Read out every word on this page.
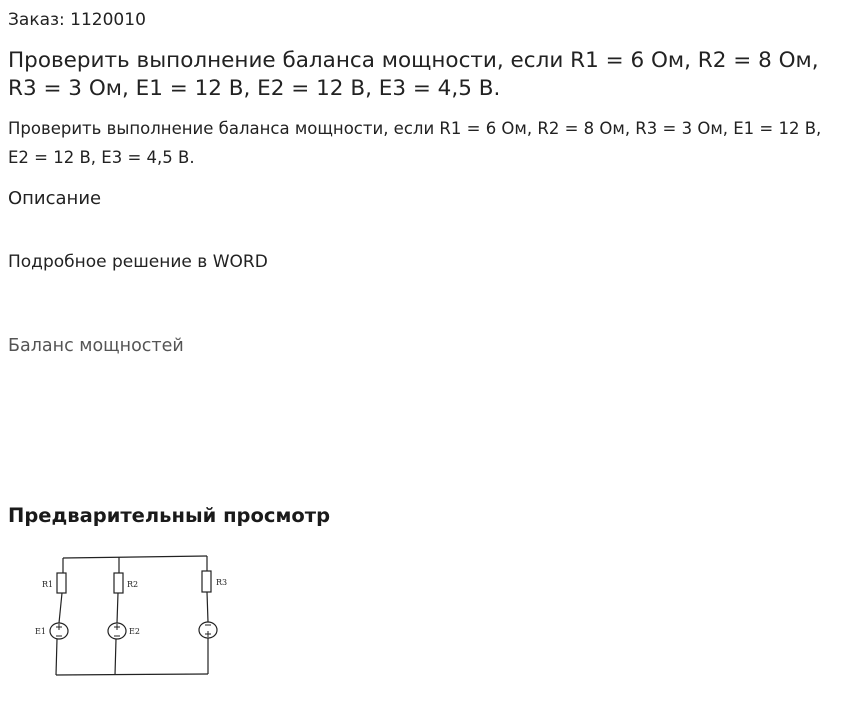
Заказ: 1120010
Проверить выполнение баланса мощности, если R1 = 6 Ом, R2 = 8 Ом, R3 = 3 Ом, E1 = 12 В, E2 = 12 В, E3 = 4,5 В.

Проверить выполнение баланса мощности, если R1 = 6 Ом, R2 = 8 Ом, R3 = 3 Ом, E1 = 12 В, E2 = 12 В, E3 = 4,5 В.

Описание
Подробное решение в WORD
Баланс мощностей
Предварительный просмотр
R1	R2	R3
E1	E2
